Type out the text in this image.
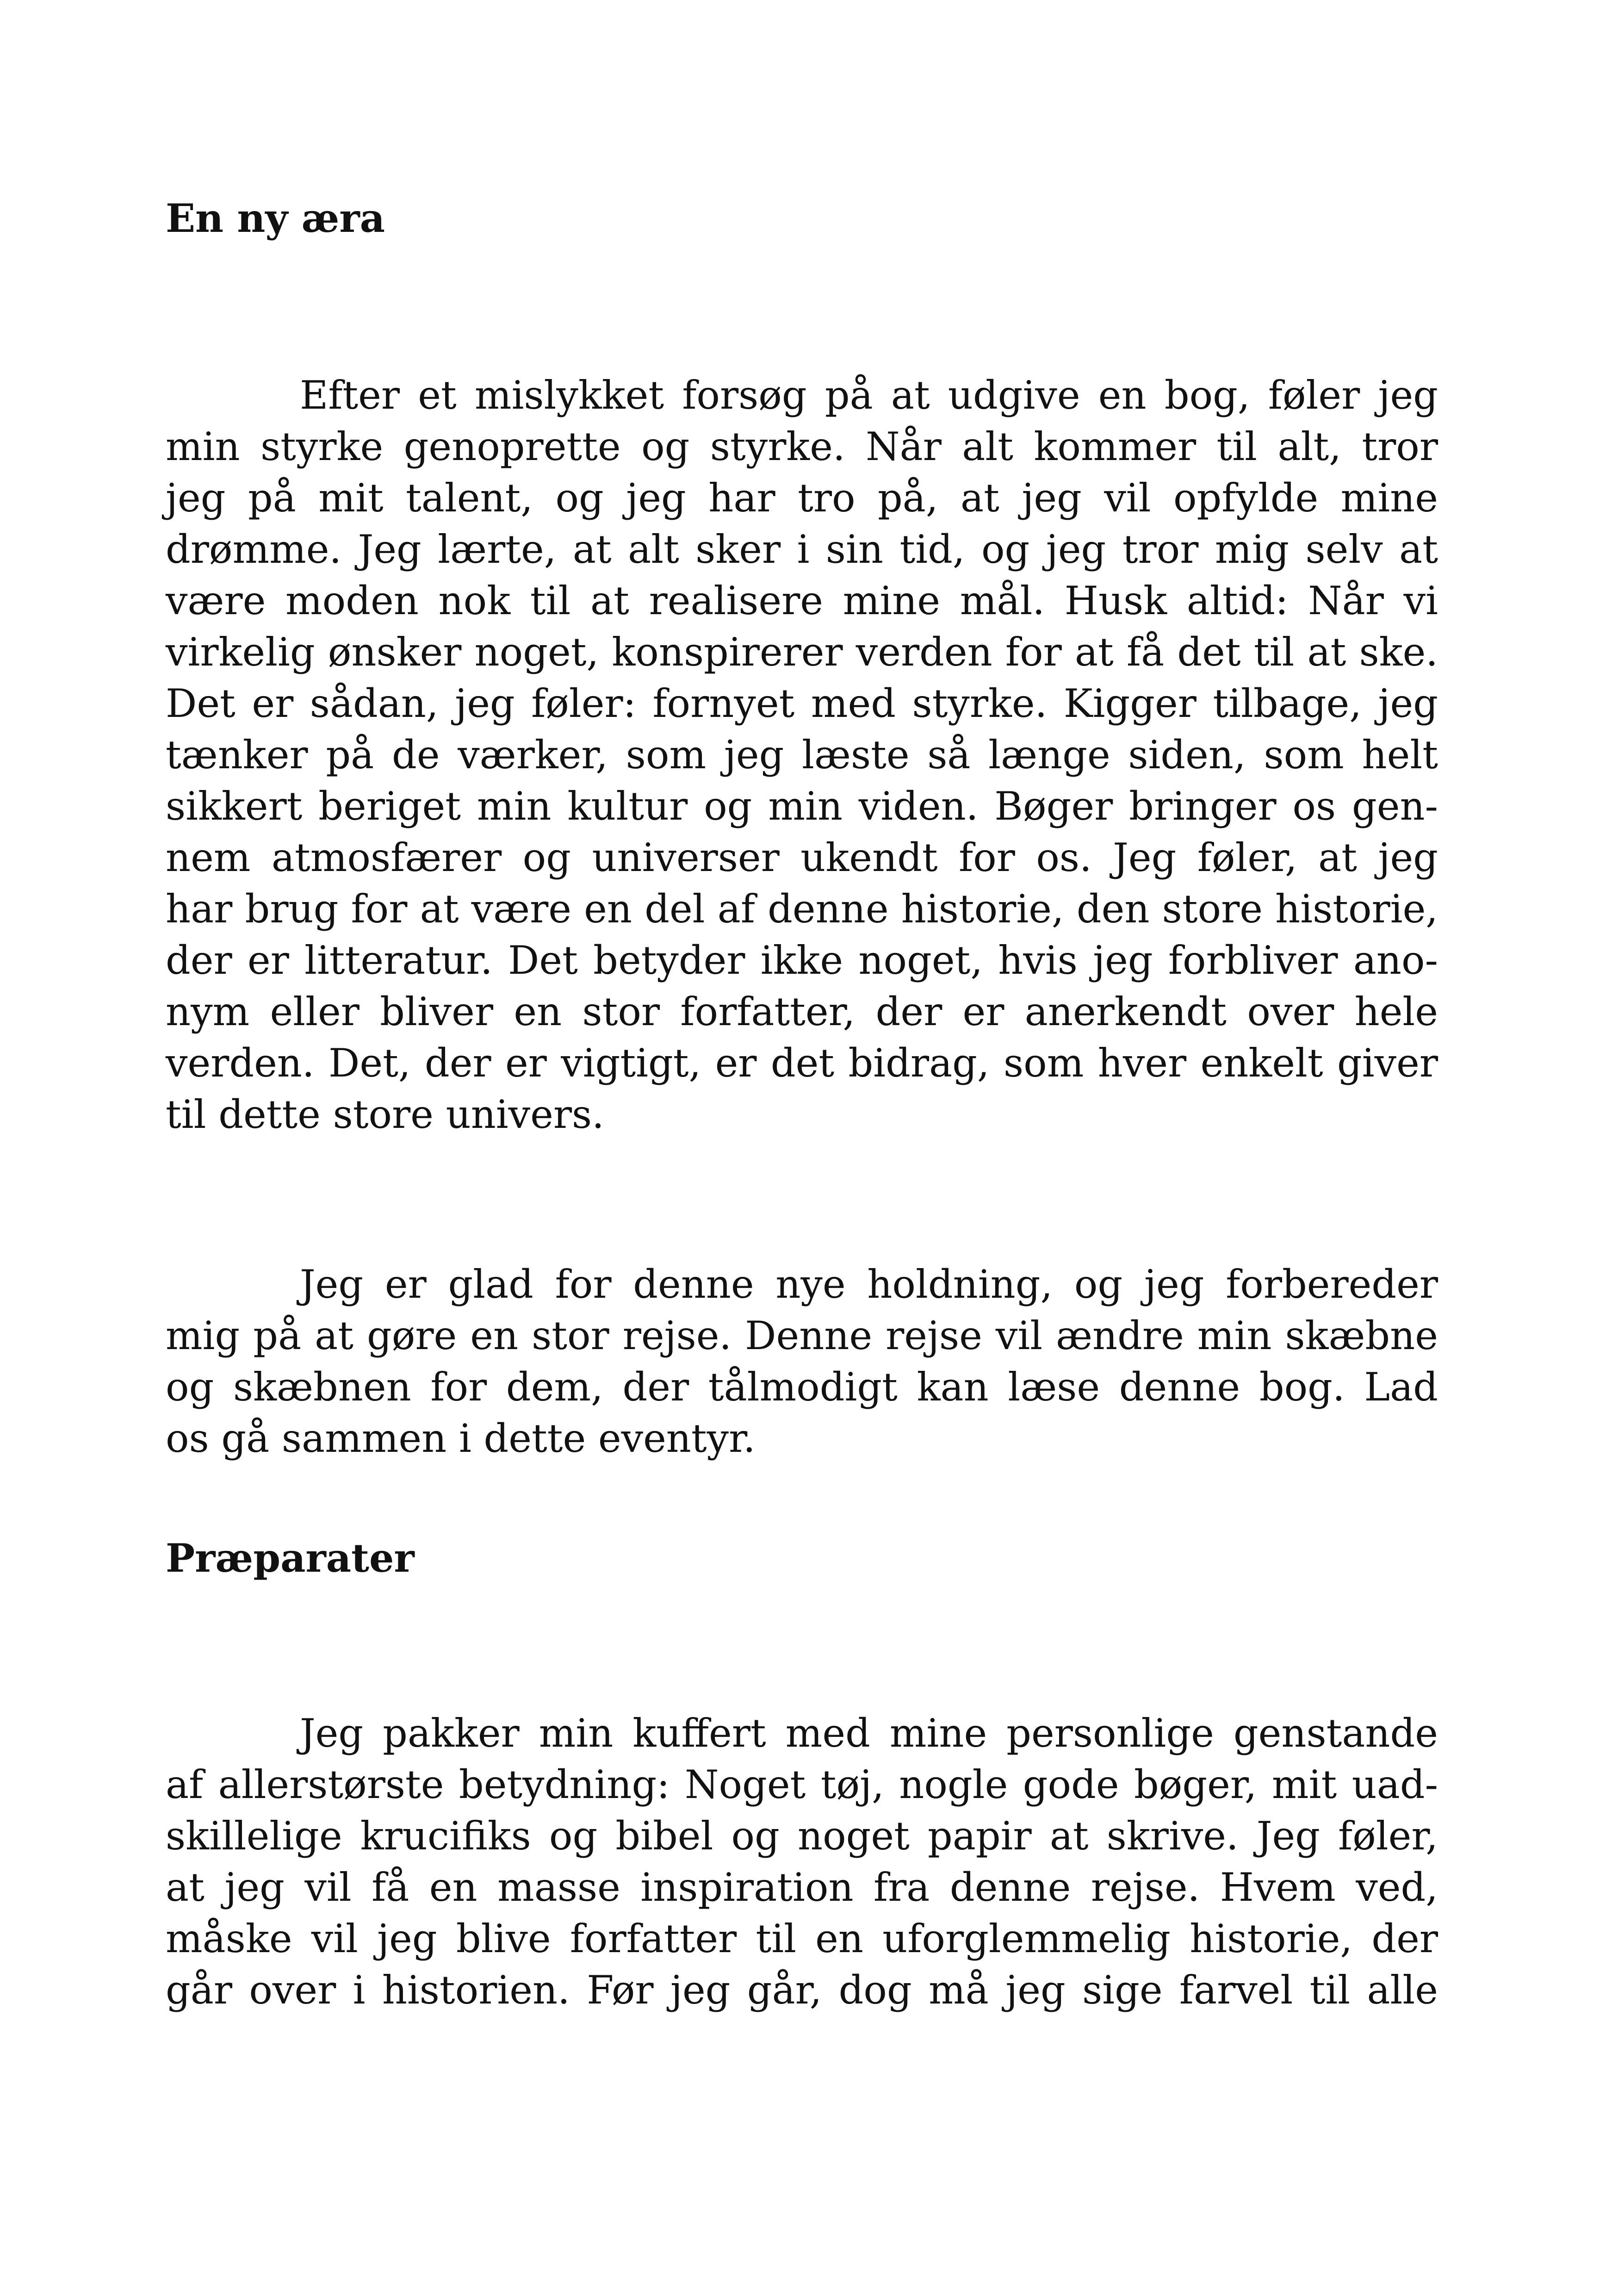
En ny æra
Efter et mislykket forsøg på at udgive en bog, føler jeg
min styrke genoprette og styrke. Når alt kommer til alt, tror
jeg på mit talent, og jeg har tro på, at jeg vil opfylde mine
drømme. Jeg lærte, at alt sker i sin tid, og jeg tror mig selv at
være moden nok til at realisere mine mål. Husk altid: Når vi
virkelig ønsker noget, konspirerer verden for at få det til at ske.
Det er sådan, jeg føler: fornyet med styrke. Kigger tilbage, jeg
tænker på de værker, som jeg læste så længe siden, som helt
sikkert beriget min kultur og min viden. Bøger bringer os gen-
nem atmosfærer og universer ukendt for os. Jeg føler, at jeg
har brug for at være en del af denne historie, den store historie,
der er litteratur. Det betyder ikke noget, hvis jeg forbliver ano-
nym eller bliver en stor forfatter, der er anerkendt over hele
verden. Det, der er vigtigt, er det bidrag, som hver enkelt giver
til dette store univers.
Jeg er glad for denne nye holdning, og jeg forbereder
mig på at gøre en stor rejse. Denne rejse vil ændre min skæbne
og skæbnen for dem, der tålmodigt kan læse denne bog. Lad
os gå sammen i dette eventyr.
Præparater
Jeg pakker min kuffert med mine personlige genstande
af allerstørste betydning: Noget tøj, nogle gode bøger, mit uad-
skillelige krucifiks og bibel og noget papir at skrive. Jeg føler,
at jeg vil få en masse inspiration fra denne rejse. Hvem ved,
måske vil jeg blive forfatter til en uforglemmelig historie, der
går over i historien. Før jeg går, dog må jeg sige farvel til alle
